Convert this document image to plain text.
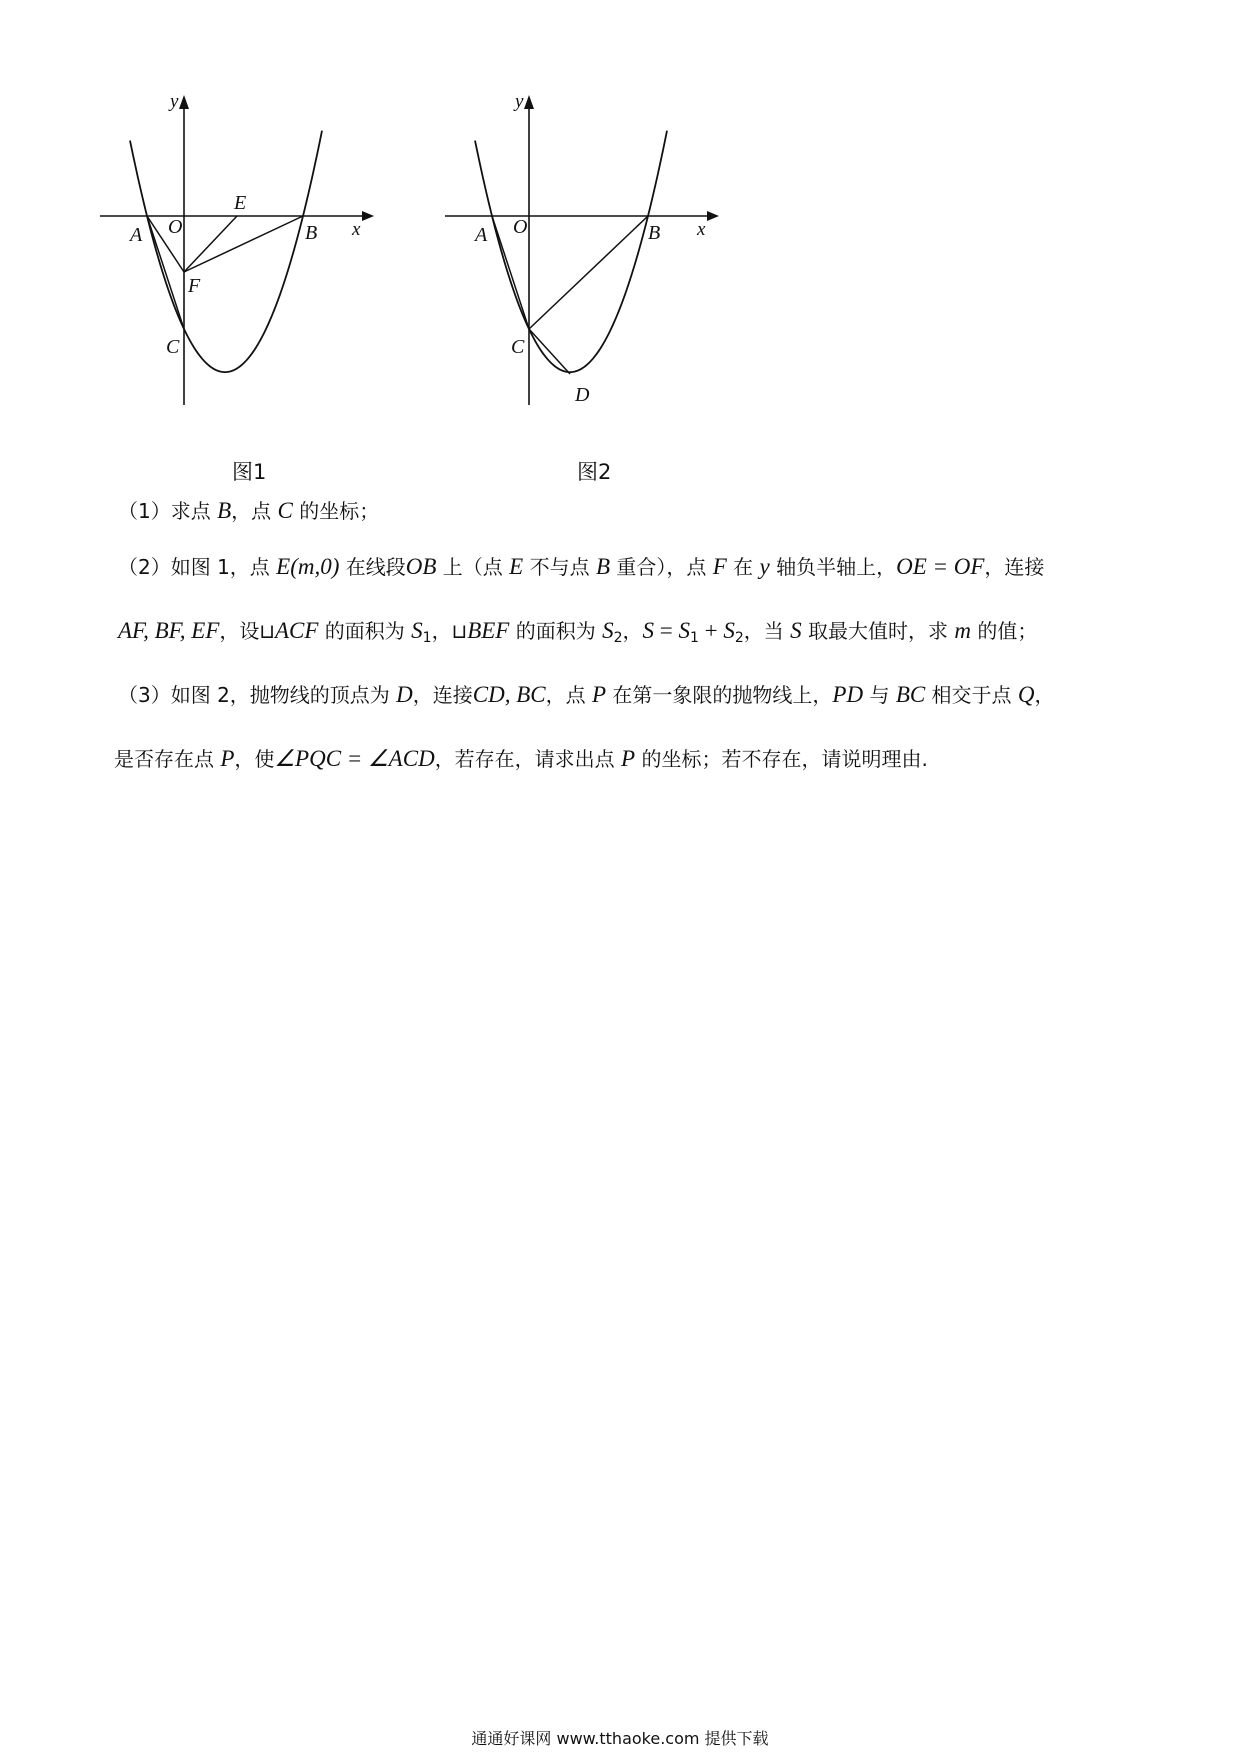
y
x
O
A	B
C
E
F
图1
y
x
O
A	B
C
D
图2
（1）求点 B，点 C 的坐标；
（2）如图 1，点 E(m,0) 在线段OB 上（点 E 不与点 B 重合），点 F 在 y 轴负半轴上，OE = OF，连接
AF, BF, EF，设⊔ACF 的面积为 $S_1$，⊔BEF 的面积为 $S_2$，$S = S_1 + S_2$，当 S 取最大值时，求 m 的值；
（3）如图 2，抛物线的顶点为 D，连接CD, BC，点 P 在第一象限的抛物线上，PD 与 BC 相交于点 Q，
是否存在点 P，使∠PQC = ∠ACD，若存在，请求出点 P 的坐标；若不存在，请说明理由.
通通好课网 www.tthaoke.com 提供下载
